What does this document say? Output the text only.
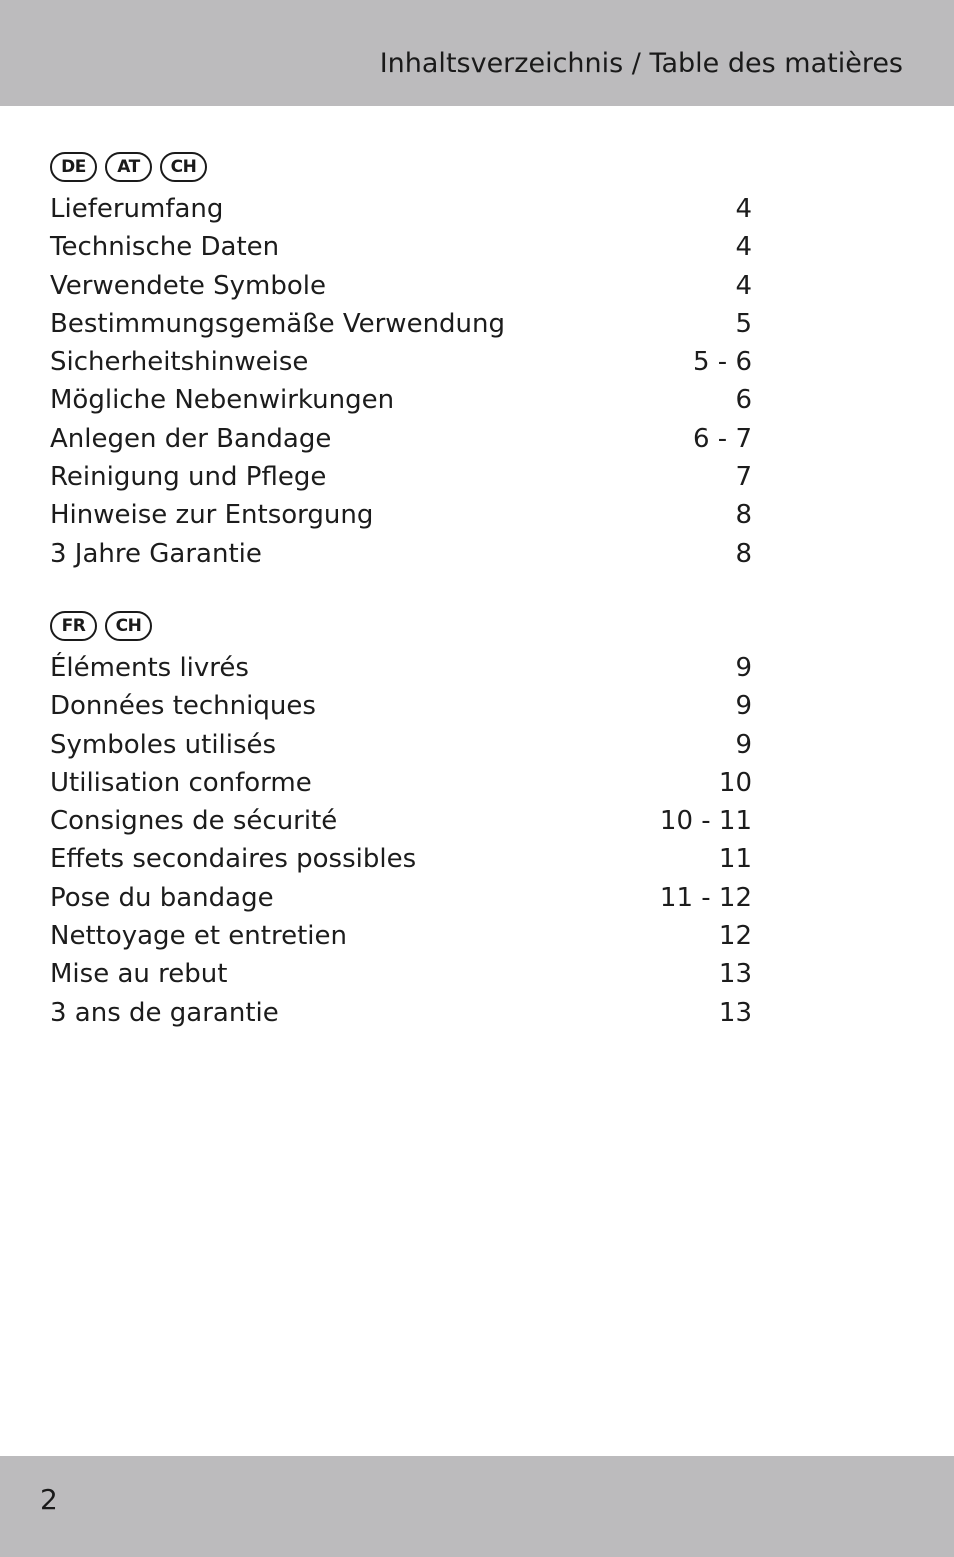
Inhaltsverzeichnis / Table des matières
DE	AT	CH
Lieferumfang	4
Technische Daten	4
Verwendete Symbole	4
Bestimmungsgemäße Verwendung	5
Sicherheitshinweise	5 - 6
Mögliche Nebenwirkungen	6
Anlegen der Bandage	6 - 7
Reinigung und Pflege	7
Hinweise zur Entsorgung	8
3 Jahre Garantie	8
FR	CH
Éléments livrés	9
Données techniques	9
Symboles utilisés	9
Utilisation conforme	10
Consignes de sécurité	10 - 11
Effets secondaires possibles	11
Pose du bandage	11 - 12
Nettoyage et entretien	12
Mise au rebut	13
3 ans de garantie	13
2
